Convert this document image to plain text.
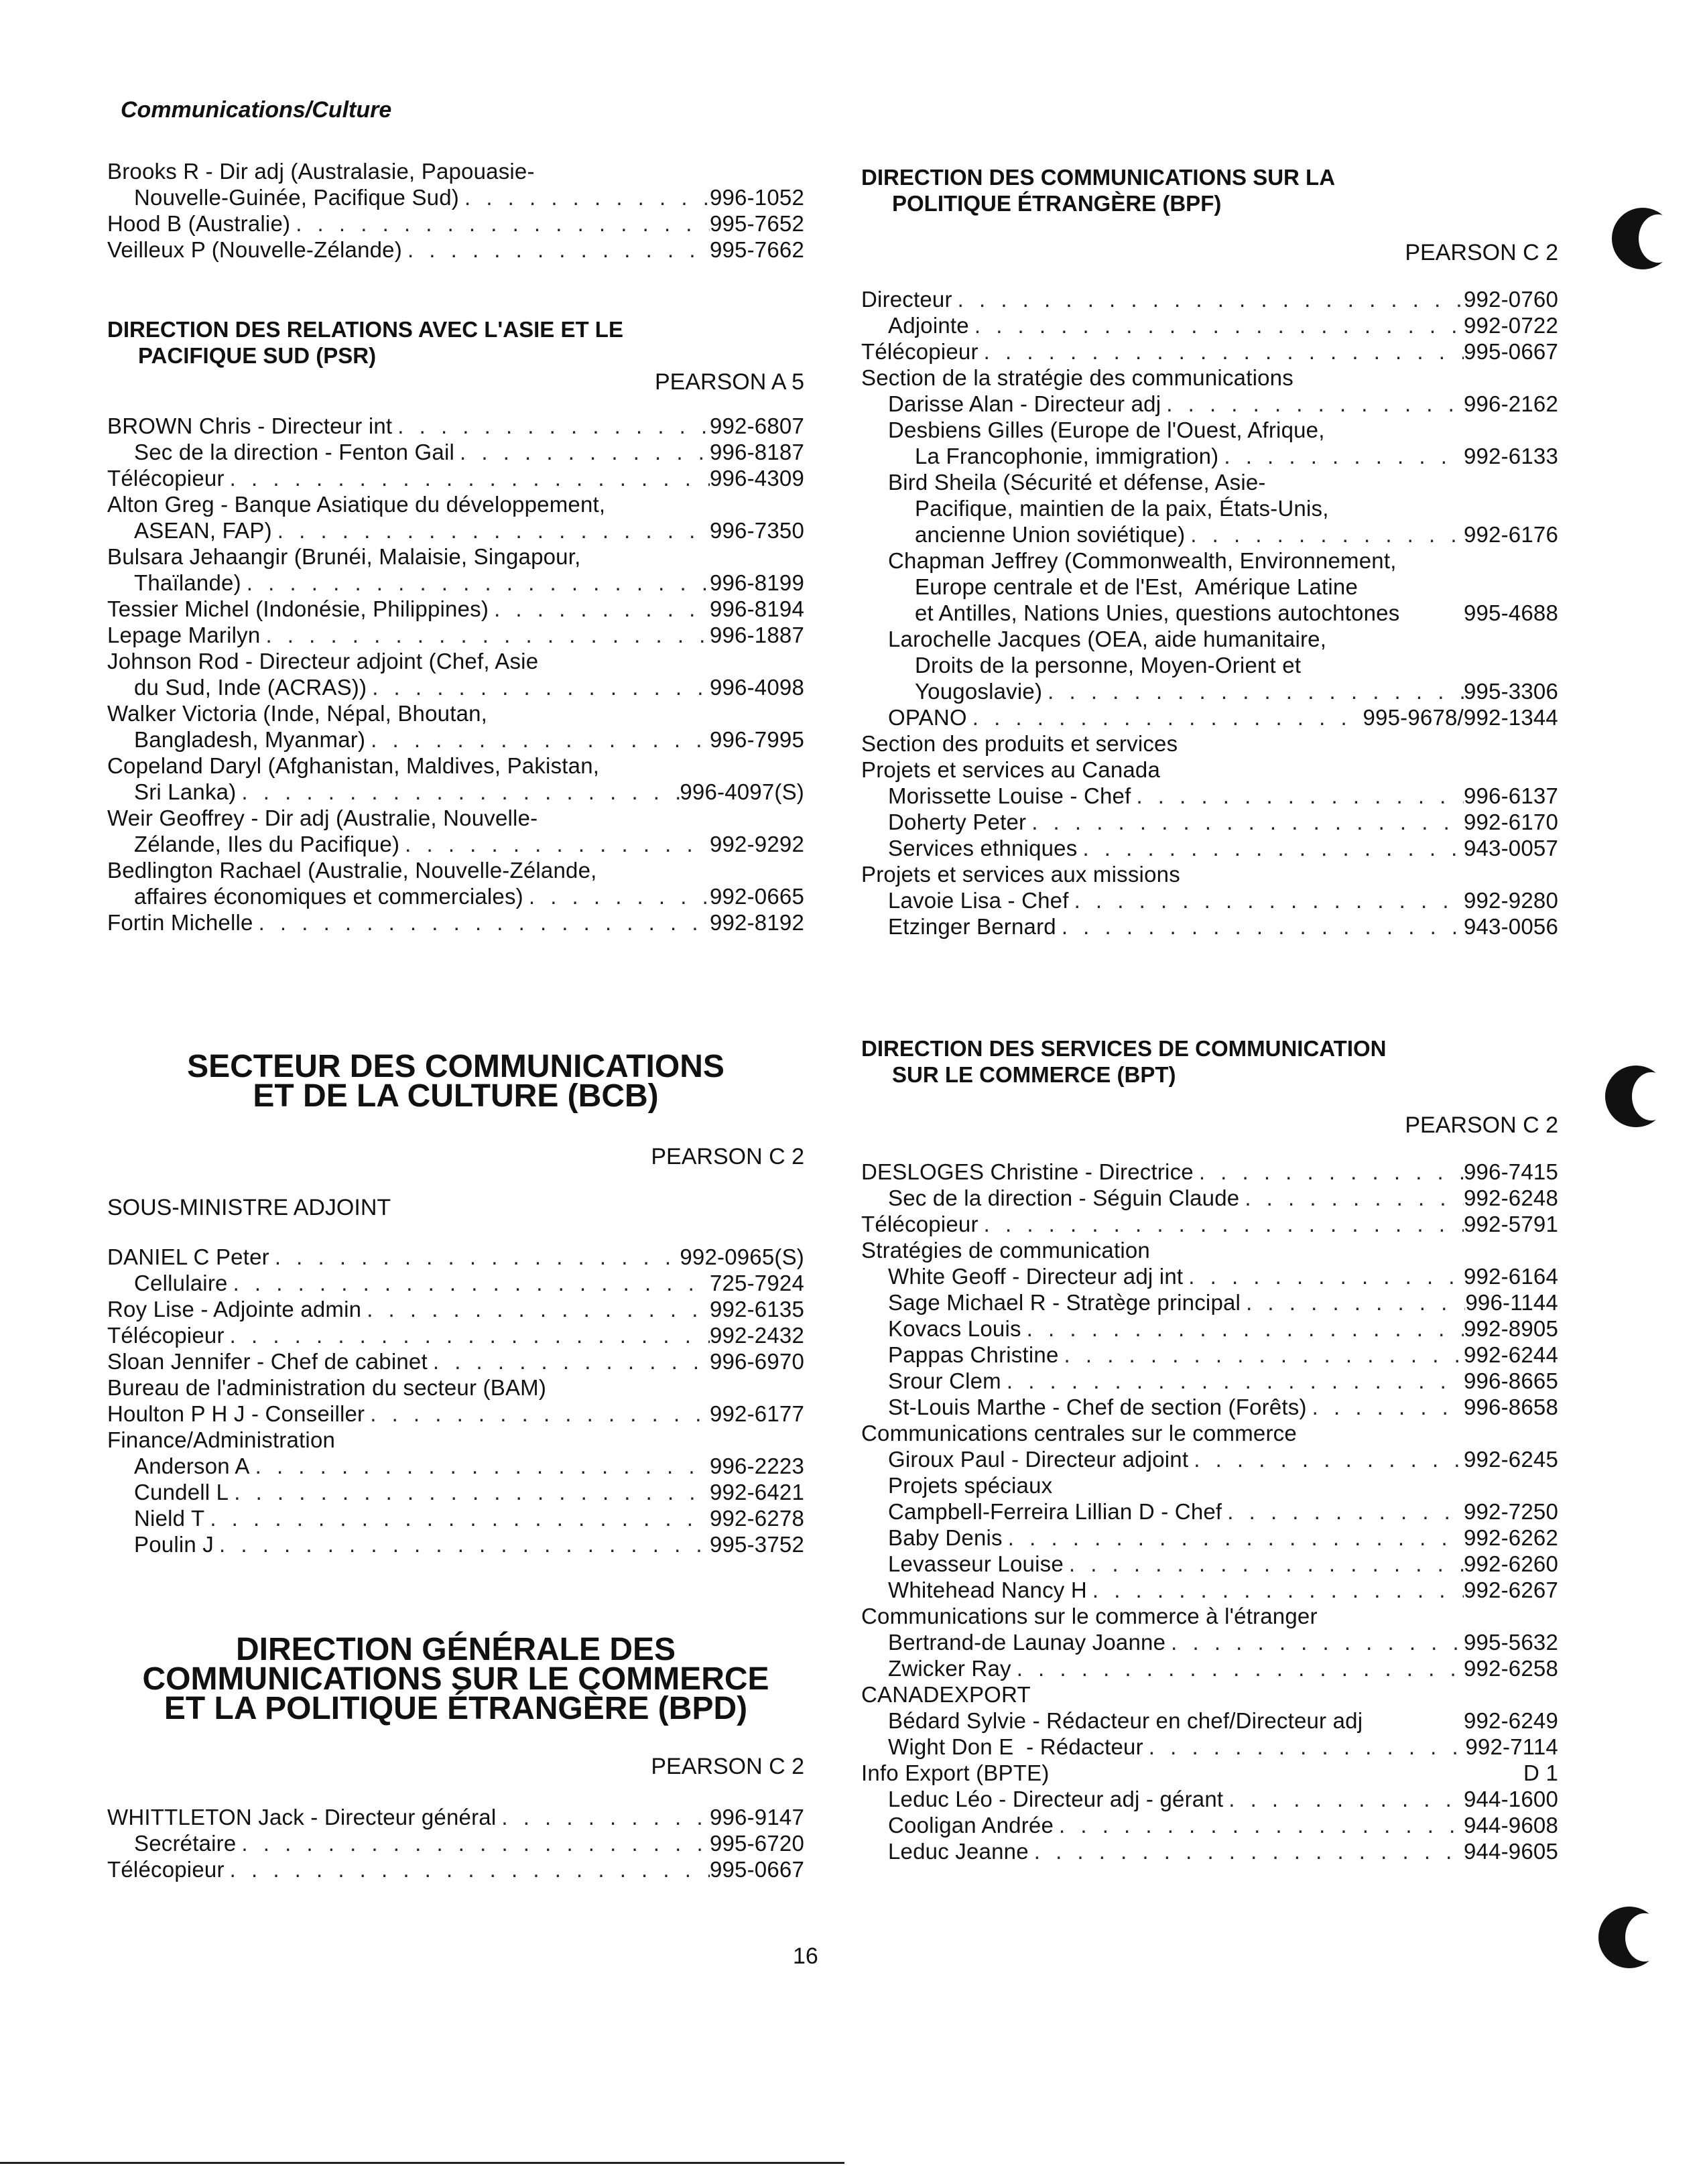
Communications/Culture
Brooks R - Dir adj (Australasie, Papouasie-
Nouvelle-Guinée, Pacifique Sud) . . .	996-1052
Hood B (Australie) . . .	995-7652
Veilleux P (Nouvelle-Zélande) . . .	995-7662
DIRECTION DES RELATIONS AVEC L'ASIE ET LE
PACIFIQUE SUD (PSR)
PEARSON A 5
BROWN Chris - Directeur int . . .	992-6807
Sec de la direction - Fenton Gail . . .	996-8187
Télécopieur . . .	996-4309
Alton Greg - Banque Asiatique du développement,
ASEAN, FAP) . . .	996-7350
Bulsara Jehaangir (Brunéi, Malaisie, Singapour,
Thaïlande) . . .	996-8199
Tessier Michel (Indonésie, Philippines) . . .	996-8194
Lepage Marilyn . . .	996-1887
Johnson Rod - Directeur adjoint (Chef, Asie
du Sud, Inde (ACRAS)) . . .	996-4098
Walker Victoria (Inde, Népal, Bhoutan,
Bangladesh, Myanmar) . . .	996-7995
Copeland Daryl (Afghanistan, Maldives, Pakistan,
Sri Lanka) . . .	996-4097(S)
Weir Geoffrey - Dir adj (Australie, Nouvelle-
Zélande, Iles du Pacifique) . . .	992-9292
Bedlington Rachael (Australie, Nouvelle-Zélande,
affaires économiques et commerciales) . . .	992-0665
Fortin Michelle . . .	992-8192
SECTEUR DES COMMUNICATIONS
ET DE LA CULTURE (BCB)
PEARSON C 2
SOUS-MINISTRE ADJOINT
DANIEL C Peter . . .	992-0965(S)
Cellulaire . . .	725-7924
Roy Lise - Adjointe admin . . .	992-6135
Télécopieur . . .	992-2432
Sloan Jennifer - Chef de cabinet . . .	996-6970
Bureau de l'administration du secteur (BAM)
Houlton P H J - Conseiller . . .	992-6177
Finance/Administration
Anderson A . . .	996-2223
Cundell L . . .	992-6421
Nield T . . .	992-6278
Poulin J . . .	995-3752
DIRECTION GÉNÉRALE DES
COMMUNICATIONS SUR LE COMMERCE
ET LA POLITIQUE ÉTRANGÈRE (BPD)
PEARSON C 2
WHITTLETON Jack - Directeur général . . .	996-9147
Secrétaire . . .	995-6720
Télécopieur . . .	995-0667
DIRECTION DES COMMUNICATIONS SUR LA
POLITIQUE ÉTRANGÈRE (BPF)
PEARSON C 2
Directeur . . .	992-0760
Adjointe . . .	992-0722
Télécopieur . . .	995-0667
Section de la stratégie des communications
Darisse Alan - Directeur adj . . .	996-2162
Desbiens Gilles (Europe de l'Ouest, Afrique,
La Francophonie, immigration) . . .	992-6133
Bird Sheila (Sécurité et défense, Asie-
Pacifique, maintien de la paix, États-Unis,
ancienne Union soviétique) . . .	992-6176
Chapman Jeffrey (Commonwealth, Environnement,
Europe centrale et de l'Est,  Amérique Latine
et Antilles, Nations Unies, questions autochtones	995-4688
Larochelle Jacques (OEA, aide humanitaire,
Droits de la personne, Moyen-Orient et
Yougoslavie) . . .	995-3306
OPANO . . .	995-9678/992-1344
Section des produits et services
Projets et services au Canada
Morissette Louise - Chef . . .	996-6137
Doherty Peter . . .	992-6170
Services ethniques . . .	943-0057
Projets et services aux missions
Lavoie Lisa - Chef . . .	992-9280
Etzinger Bernard . . .	943-0056
DIRECTION DES SERVICES DE COMMUNICATION
SUR LE COMMERCE (BPT)
PEARSON C 2
DESLOGES Christine - Directrice . . .	996-7415
Sec de la direction - Séguin Claude . . .	992-6248
Télécopieur . . .	992-5791
Stratégies de communication
White Geoff - Directeur adj int . . .	992-6164
Sage Michael R - Stratège principal . . .	996-1144
Kovacs Louis . . .	992-8905
Pappas Christine . . .	992-6244
Srour Clem . . .	996-8665
St-Louis Marthe - Chef de section (Forêts) . . .	996-8658
Communications centrales sur le commerce
Giroux Paul - Directeur adjoint . . .	992-6245
Projets spéciaux
Campbell-Ferreira Lillian D - Chef . . .	992-7250
Baby Denis . . .	992-6262
Levasseur Louise . . .	992-6260
Whitehead Nancy H . . .	992-6267
Communications sur le commerce à l'étranger
Bertrand-de Launay Joanne . . .	995-5632
Zwicker Ray . . .	992-6258
CANADEXPORT
Bédard Sylvie - Rédacteur en chef/Directeur adj	992-6249
Wight Don E  - Rédacteur . . .	992-7114
Info Export (BPTE)	D 1
Leduc Léo - Directeur adj - gérant . . .	944-1600
Cooligan Andrée . . .	944-9608
Leduc Jeanne . . .	944-9605
16
